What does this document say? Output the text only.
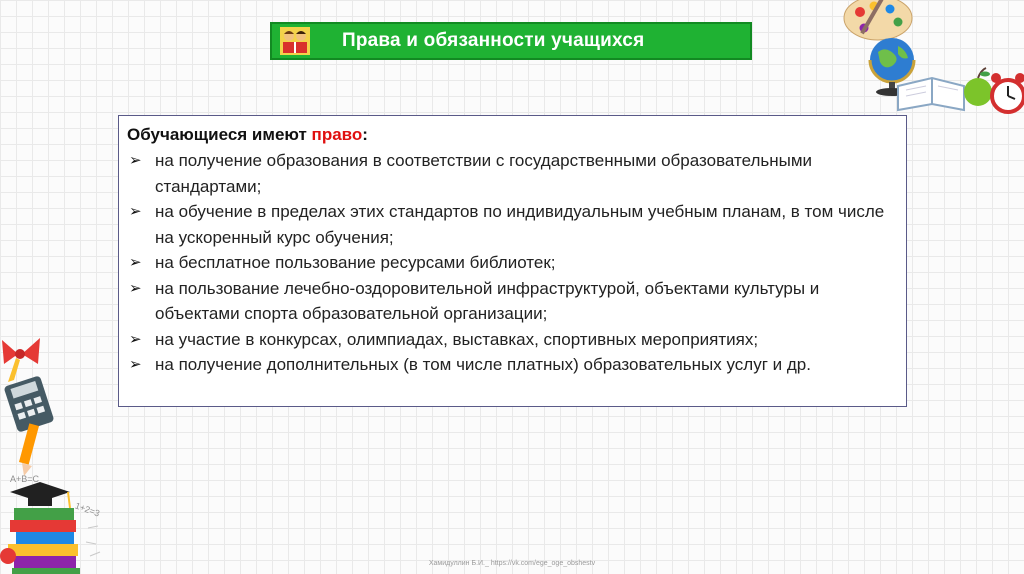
Права и обязанности учащихся
Обучающиеся имеют право:
➢ на получение образования в соответствии с государственными образовательными стандартами;
➢ на обучение в пределах этих стандартов по индивидуальным учебным планам, в том числе на ускоренный курс обучения;
➢ на бесплатное пользование ресурсами библиотек;
➢ на пользование лечебно-оздоровительной инфраструктурой, объектами культуры и объектами спорта образовательной организации;
➢ на участие в конкурсах, олимпиадах, выставках, спортивных мероприятиях;
➢ на получение дополнительных (в том числе платных) образовательных услуг и др.
A+B=C
1+2=3
Хамидуллин Б.И._ https://vk.com/ege_oge_obshestv
